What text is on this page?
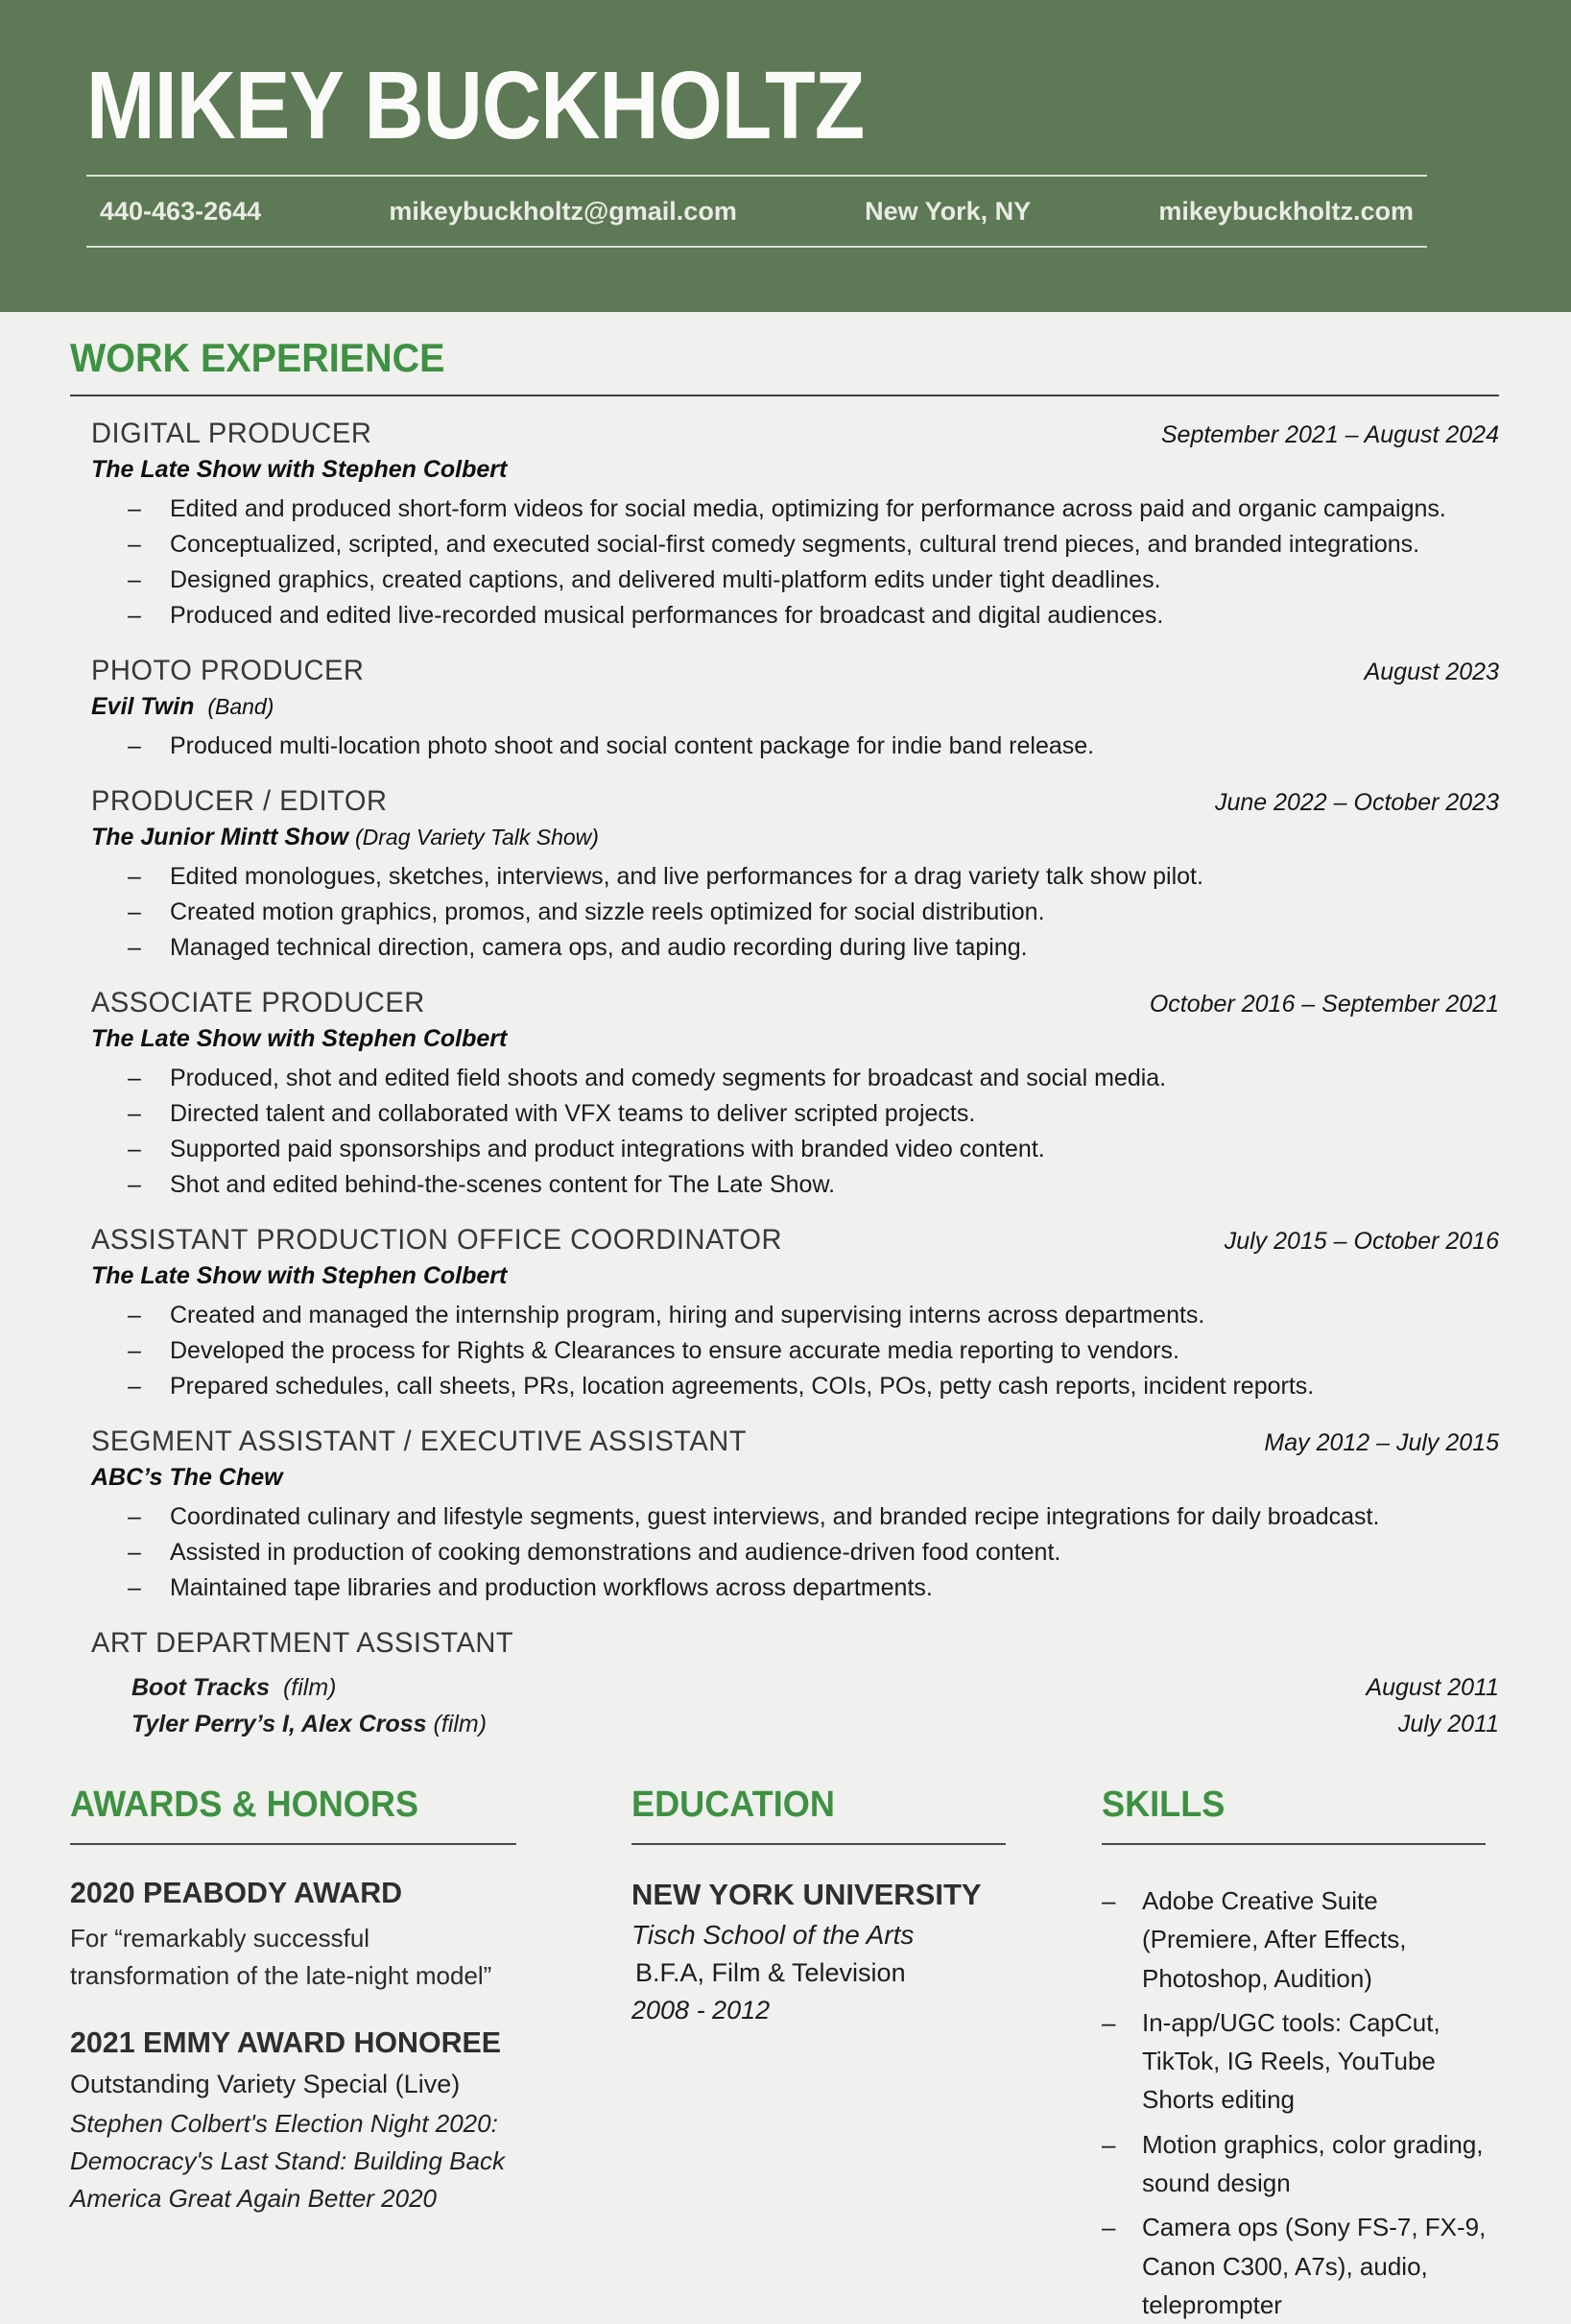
MIKEY BUCKHOLTZ
440-463-2644	mikeybuckholtz@gmail.com	New York, NY	mikeybuckholtz.com
WORK EXPERIENCE
DIGITAL PRODUCER	September 2021 – August 2024

The Late Show with Stephen Colbert

– Edited and produced short-form videos for social media, optimizing for performance across paid and organic campaigns.
– Conceptualized, scripted, and executed social-first comedy segments, cultural trend pieces, and branded integrations.
– Designed graphics, created captions, and delivered multi-platform edits under tight deadlines.
– Produced and edited live-recorded musical performances for broadcast and digital audiences.
PHOTO PRODUCER	August 2023

Evil Twin (Band)

– Produced multi-location photo shoot and social content package for indie band release.
PRODUCER / EDITOR	June 2022 – October 2023

The Junior Mintt Show (Drag Variety Talk Show)

– Edited monologues, sketches, interviews, and live performances for a drag variety talk show pilot.
– Created motion graphics, promos, and sizzle reels optimized for social distribution.
– Managed technical direction, camera ops, and audio recording during live taping.
ASSOCIATE PRODUCER	October 2016 – September 2021

The Late Show with Stephen Colbert

– Produced, shot and edited field shoots and comedy segments for broadcast and social media.
– Directed talent and collaborated with VFX teams to deliver scripted projects.
– Supported paid sponsorships and product integrations with branded video content.
– Shot and edited behind-the-scenes content for The Late Show.
ASSISTANT PRODUCTION OFFICE COORDINATOR	July 2015 – October 2016

The Late Show with Stephen Colbert

– Created and managed the internship program, hiring and supervising interns across departments.
– Developed the process for Rights & Clearances to ensure accurate media reporting to vendors.
– Prepared schedules, call sheets, PRs, location agreements, COIs, POs, petty cash reports, incident reports.
SEGMENT ASSISTANT / EXECUTIVE ASSISTANT	May 2012 – July 2015

ABC’s The Chew

– Coordinated culinary and lifestyle segments, guest interviews, and branded recipe integrations for daily broadcast.
– Assisted in production of cooking demonstrations and audience-driven food content.
– Maintained tape libraries and production workflows across departments.
ART DEPARTMENT ASSISTANT
Boot Tracks (film)	August 2011
Tyler Perry’s I, Alex Cross (film)	July 2011
AWARDS & HONORS
2020 PEABODY AWARD

For “remarkably successful transformation of the late-night model”

2021 EMMY AWARD HONOREE

Outstanding Variety Special (Live)

Stephen Colbert's Election Night 2020: Democracy's Last Stand: Building Back America Great Again Better 2020

EDUCATION
NEW YORK UNIVERSITY

Tisch School of the Arts

B.F.A, Film & Television

2008 - 2012

SKILLS
– Adobe Creative Suite (Premiere, After Effects, Photoshop, Audition)
– In-app/UGC tools: CapCut, TikTok, IG Reels, YouTube Shorts editing
– Motion graphics, color grading, sound design
– Camera ops (Sony FS-7, FX-9, Canon C300, A7s), audio, teleprompter
